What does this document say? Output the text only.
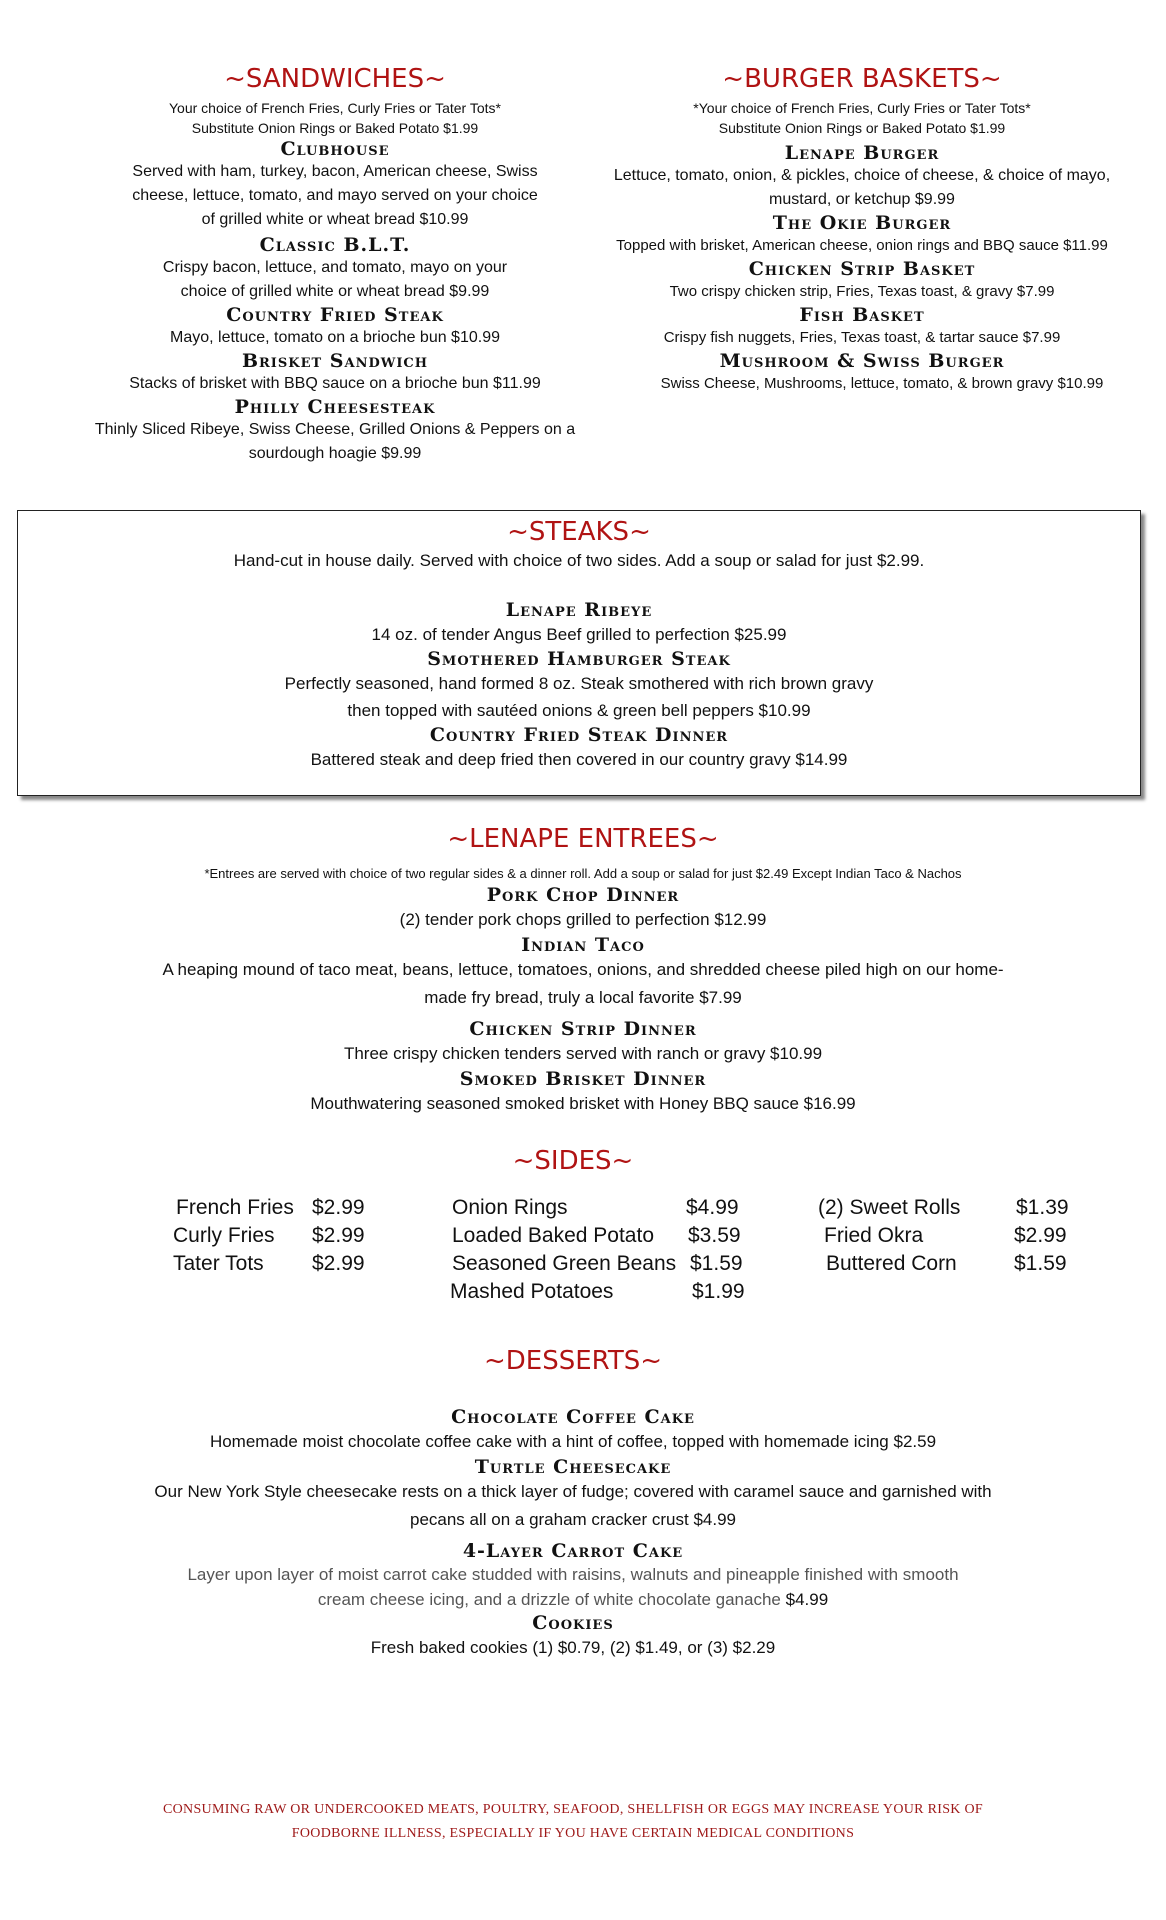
~SANDWICHES~

Your choice of French Fries, Curly Fries or Tater Tots*

Substitute Onion Rings or Baked Potato $1.99

Clubhouse

Served with ham, turkey, bacon, American cheese, Swiss

cheese, lettuce, tomato, and mayo served on your choice

of grilled white or wheat bread $10.99

Classic B.L.T.

Crispy bacon, lettuce, and tomato, mayo on your

choice of grilled white or wheat bread $9.99

Country Fried Steak

Mayo, lettuce, tomato on a brioche bun $10.99

Brisket Sandwich

Stacks of brisket with BBQ sauce on a brioche bun $11.99

Philly Cheesesteak

Thinly Sliced Ribeye, Swiss Cheese, Grilled Onions & Peppers on a

sourdough hoagie $9.99

~BURGER BASKETS~

*Your choice of French Fries, Curly Fries or Tater Tots*

Substitute Onion Rings or Baked Potato $1.99

Lenape Burger

Lettuce, tomato, onion, & pickles, choice of cheese, & choice of mayo,

mustard, or ketchup $9.99

The Okie Burger

Topped with brisket, American cheese, onion rings and BBQ sauce $11.99

Chicken Strip Basket

Two crispy chicken strip, Fries, Texas toast, & gravy $7.99

Fish Basket

Crispy fish nuggets, Fries, Texas toast, & tartar sauce $7.99

Mushroom & Swiss Burger

Swiss Cheese, Mushrooms, lettuce, tomato, & brown gravy $10.99

~STEAKS~

Hand-cut in house daily. Served with choice of two sides. Add a soup or salad for just $2.99.

Lenape Ribeye

14 oz. of tender Angus Beef grilled to perfection $25.99

Smothered Hamburger Steak

Perfectly seasoned, hand formed 8 oz. Steak smothered with rich brown gravy

then topped with sautéed onions & green bell peppers $10.99

Country Fried Steak Dinner

Battered steak and deep fried then covered in our country gravy $14.99

~LENAPE ENTREES~

*Entrees are served with choice of two regular sides & a dinner roll. Add a soup or salad for just $2.49 Except Indian Taco & Nachos

Pork Chop Dinner

(2) tender pork chops grilled to perfection $12.99

Indian Taco

A heaping mound of taco meat, beans, lettuce, tomatoes, onions, and shredded cheese piled high on our home-

made fry bread, truly a local favorite $7.99

Chicken Strip Dinner

Three crispy chicken tenders served with ranch or gravy $10.99

Smoked Brisket Dinner

Mouthwatering seasoned smoked brisket with Honey BBQ sauce $16.99

~SIDES~

French Fries $2.99
Curly Fries $2.99
Tater Tots $2.99
Onion Rings	$4.99
Loaded Baked Potato $3.59
Seasoned Green Beans $1.59
Mashed Potatoes	$1.99
(2) Sweet Rolls	$1.39
Fried Okra	$2.99
Buttered Corn	$1.59

~DESSERTS~

Chocolate Coffee Cake

Homemade moist chocolate coffee cake with a hint of coffee, topped with homemade icing $2.59

Turtle Cheesecake

Our New York Style cheesecake rests on a thick layer of fudge; covered with caramel sauce and garnished with

pecans all on a graham cracker crust $4.99

4-Layer Carrot Cake

Layer upon layer of moist carrot cake studded with raisins, walnuts and pineapple finished with smooth

cream cheese icing, and a drizzle of white chocolate ganache $4.99

Cookies

Fresh baked cookies (1) $0.79, (2) $1.49, or (3) $2.29

CONSUMING RAW OR UNDERCOOKED MEATS, POULTRY, SEAFOOD, SHELLFISH OR EGGS MAY INCREASE YOUR RISK OF
FOODBORNE ILLNESS, ESPECIALLY IF YOU HAVE CERTAIN MEDICAL CONDITIONS
